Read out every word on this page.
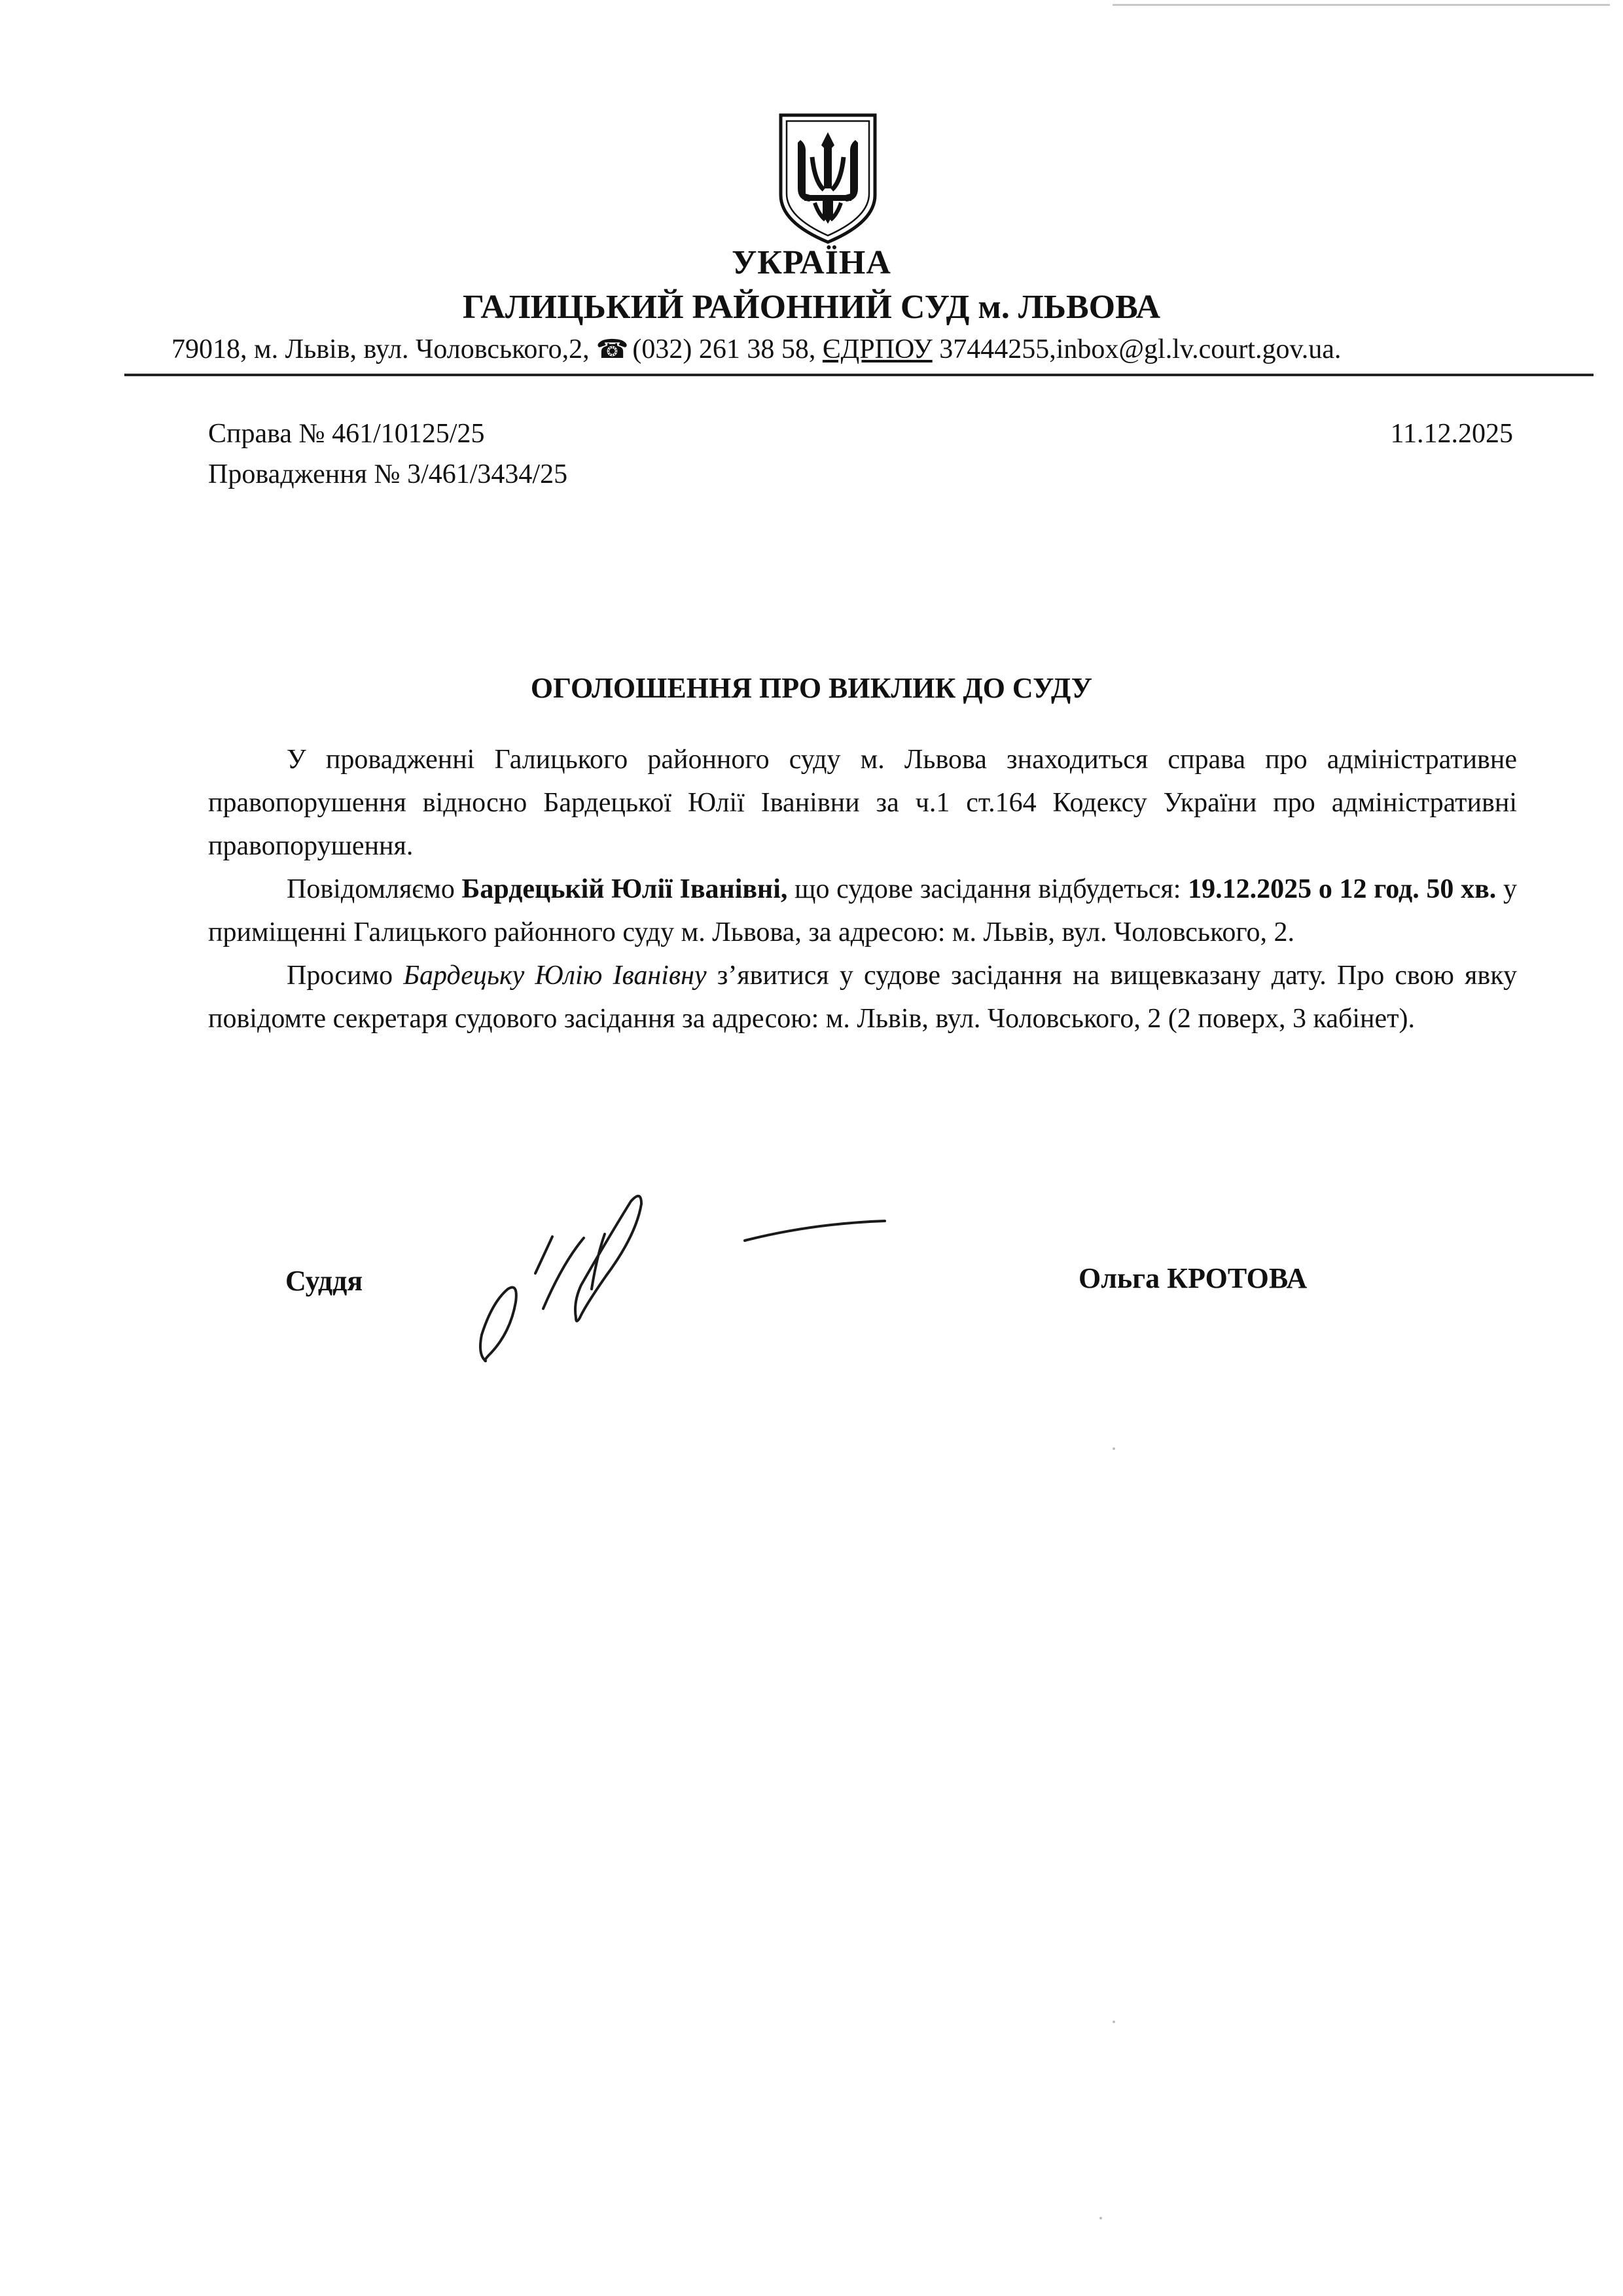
УКРАЇНА
ГАЛИЦЬКИЙ РАЙОННИЙ СУД м. ЛЬВОВА
79018, м. Львів, вул. Чоловського,2, ☎ (032) 261 38 58, ЄДРПОУ 37444255,inbox@gl.lv.court.gov.ua.
Справа № 461/10125/25
Провадження № 3/461/3434/25
11.12.2025
ОГОЛОШЕННЯ ПРО ВИКЛИК ДО СУДУ

У провадженні Галицького районного суду м. Львова знаходиться справа про адміністративне правопорушення відносно Бардецької Юлії Іванівни за ч.1 ст.164 Кодексу України про адміністративні правопорушення.

Повідомляємо Бардецькій Юлії Іванівні, що судове засідання відбудеться: 19.12.2025 о 12 год. 50 хв. у приміщенні Галицького районного суду м. Львова, за адресою: м. Львів, вул. Чоловського, 2.

Просимо Бардецьку Юлію Іванівну з’явитися у судове засідання на вищевказану дату. Про свою явку повідомте секретаря судового засідання за адресою: м. Львів, вул. Чоловського, 2 (2 поверх, 3 кабінет).

Суддя	Ольга КРОТОВА
